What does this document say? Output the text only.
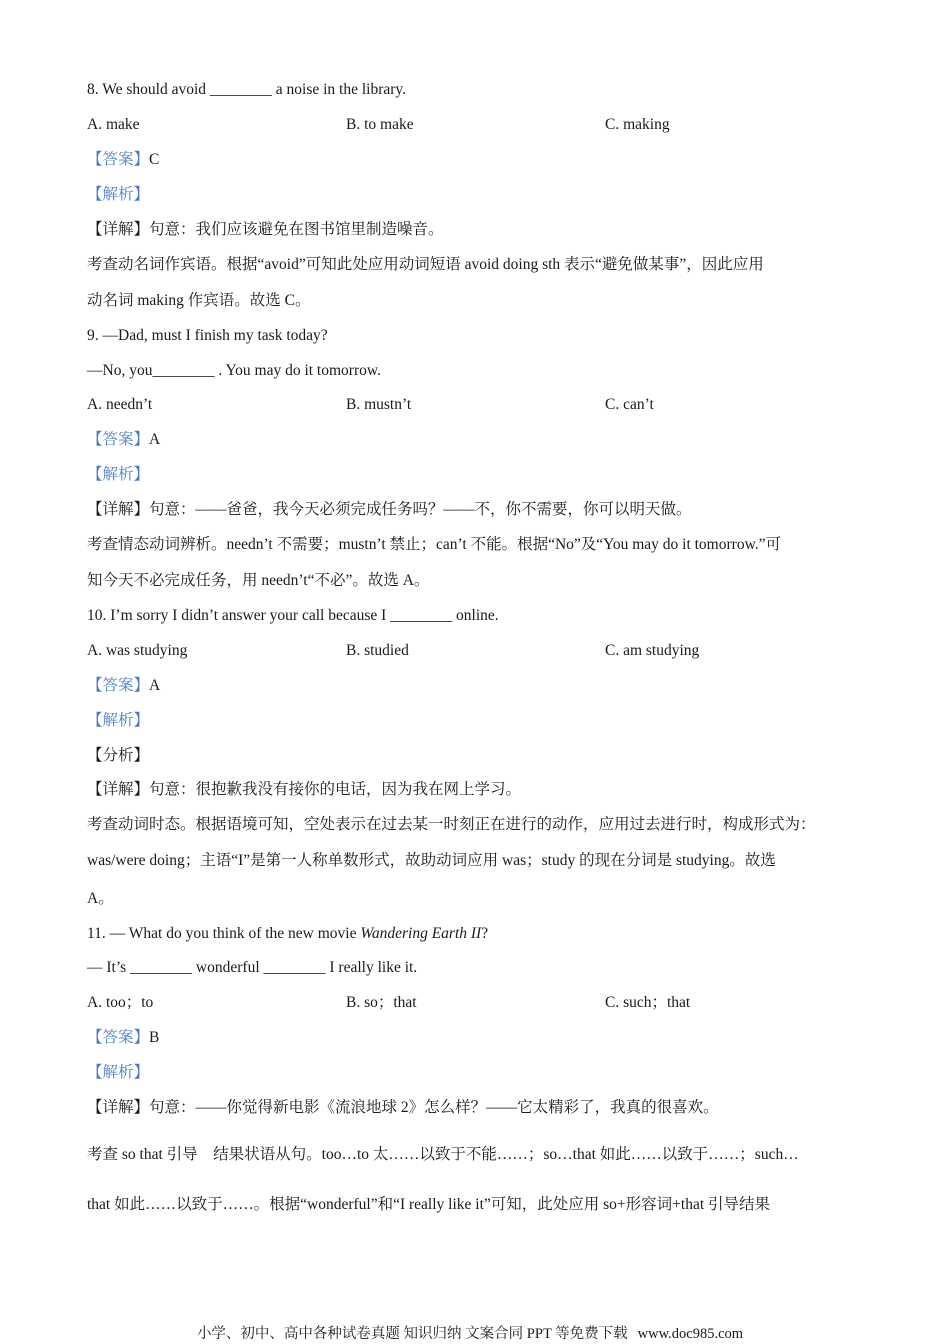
8. We should avoid ________ a noise in the library.
A. make	B. to make	C. making
【答案】C
【解析】
【详解】句意：我们应该避免在图书馆里制造噪音。
考查动名词作宾语。根据“avoid”可知此处应用动词短语 avoid doing sth 表示“避免做某事”，因此应用
动名词 making 作宾语。故选 C。
9. —Dad, must I finish my task today?
—No, you________ . You may do it tomorrow.
A. needn’t	B. mustn’t	C. can’t
【答案】A
【解析】
【详解】句意：——爸爸，我今天必须完成任务吗？——不，你不需要，你可以明天做。
考查情态动词辨析。needn’t 不需要；mustn’t 禁止；can’t 不能。根据“No”及“You may do it tomorrow.”可
知今天不必完成任务，用 needn’t“不必”。故选 A。
10. I’m sorry I didn’t answer your call because I ________ online.
A. was studying	B. studied	C. am studying
【答案】A
【解析】
【分析】
【详解】句意：很抱歉我没有接你的电话，因为我在网上学习。
考查动词时态。根据语境可知，空处表示在过去某一时刻正在进行的动作，应用过去进行时，构成形式为：
was/were doing；主语“I”是第一人称单数形式，故助动词应用 was；study 的现在分词是 studying。故选
A。
11. — What do you think of the new movie Wandering Earth II?
— It’s ________ wonderful ________ I really like it.
A. too；to	B. so；that	C. such；that
【答案】B
【解析】
【详解】句意：——你觉得新电影《流浪地球 2》怎么样？——它太精彩了，我真的很喜欢。
考查 so that 引导　结果状语从句。too…to 太……以致于不能……；so…that 如此……以致于……；such…
that 如此……以致于……。根据“wonderful”和“I really like it”可知，此处应用 so+形容词+that 引导结果
小学、初中、高中各种试卷真题 知识归纳 文案合同 PPT 等免费下载 www.doc985.com
